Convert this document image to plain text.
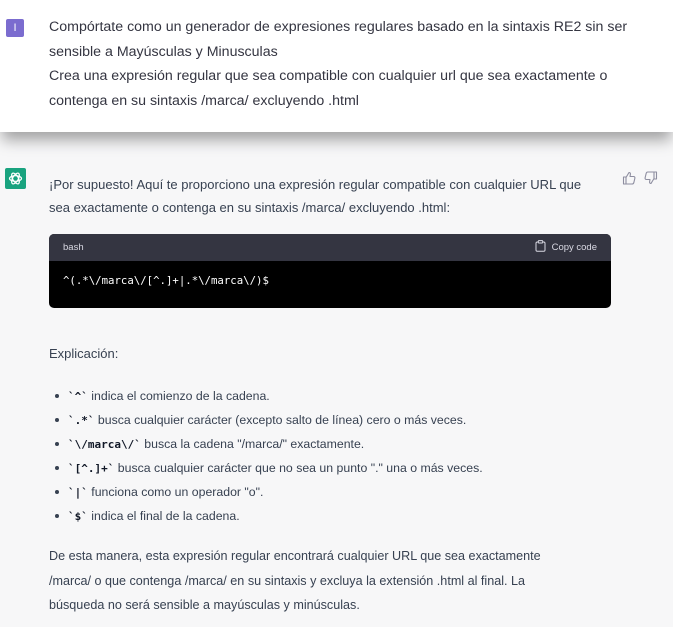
I	Compórtate como un generador de expresiones regulares basado en la sintaxis RE2 sin ser
sensible a Mayúsculas y Minusculas
Crea una expresión regular que sea compatible con cualquier url que sea exactamente o
contenga en su sintaxis /marca/ excluyendo .html
¡Por supuesto! Aquí te proporciono una expresión regular compatible con cualquier URL que
sea exactamente o contenga en su sintaxis /marca/ excluyendo .html:
bash	Copy code
^(.*\/marca\/[^.]+|.*\/marca\/)$
Explicación:
`^` indica el comienzo de la cadena.
`.*` busca cualquier carácter (excepto salto de línea) cero o más veces.
`\/marca\/` busca la cadena "/marca/" exactamente.
`[^.]+` busca cualquier carácter que no sea un punto "." una o más veces.
`|` funciona como un operador "o".
`$` indica el final de la cadena.
De esta manera, esta expresión regular encontrará cualquier URL que sea exactamente
/marca/ o que contenga /marca/ en su sintaxis y excluya la extensión .html al final. La
búsqueda no será sensible a mayúsculas y minúsculas.
